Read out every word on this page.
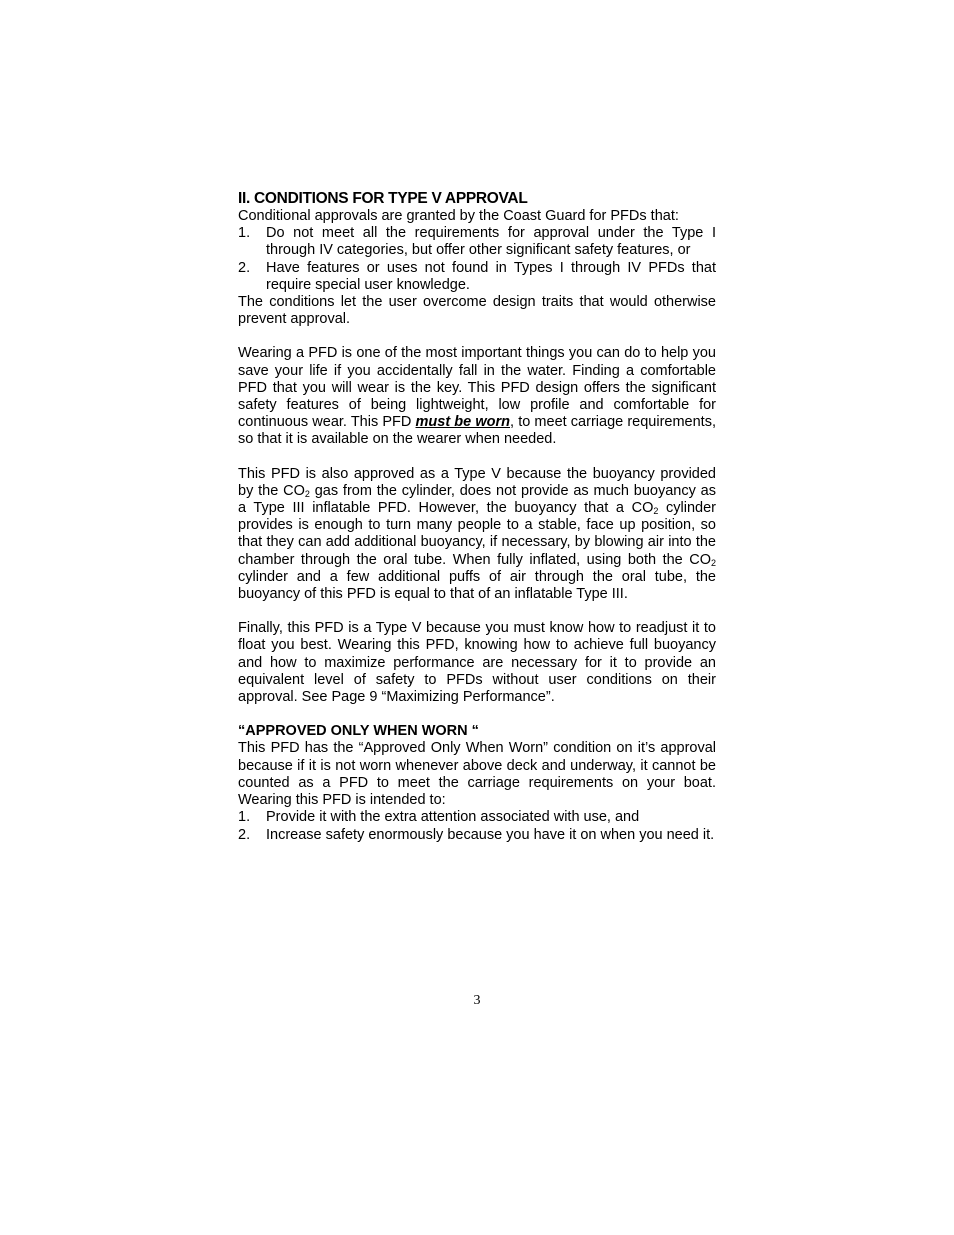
II. CONDITIONS FOR TYPE V APPROVAL

Conditional approvals are granted by the Coast Guard for PFDs that:

1. Do not meet all the requirements for approval under the Type I through IV categories, but offer other significant safety features, or
2. Have features or uses not found in Types I through IV PFDs that require special user knowledge.

The conditions let the user overcome design traits that would otherwise prevent approval.

Wearing a PFD is one of the most important things you can do to help you save your life if you accidentally fall in the water. Finding a comfortable PFD that you will wear is the key. This PFD design offers the significant safety features of being lightweight, low profile and comfortable for continuous wear. This PFD must be worn, to meet carriage requirements, so that it is available on the wearer when needed.

This PFD is also approved as a Type V because the buoyancy provided by the $CO_2$ gas from the cylinder, does not provide as much buoyancy as a Type III inflatable PFD. However, the buoyancy that a $CO_2$ cylinder provides is enough to turn many people to a stable, face up position, so that they can add additional buoyancy, if necessary, by blowing air into the chamber through the oral tube. When fully inflated, using both the $CO_2$ cylinder and a few additional puffs of air through the oral tube, the buoyancy of this PFD is equal to that of an inflatable Type III.

Finally, this PFD is a Type V because you must know how to readjust it to float you best. Wearing this PFD, knowing how to achieve full buoyancy and how to maximize performance are necessary for it to provide an equivalent level of safety to PFDs without user conditions on their approval. See Page 9 “Maximizing Performance”.

“APPROVED ONLY WHEN WORN “

This PFD has the “Approved Only When Worn” condition on it’s approval because if it is not worn whenever above deck and underway, it cannot be counted as a PFD to meet the carriage requirements on your boat. Wearing this PFD is intended to:

1. Provide it with the extra attention associated with use, and
2. Increase safety enormously because you have it on when you need it.
3
